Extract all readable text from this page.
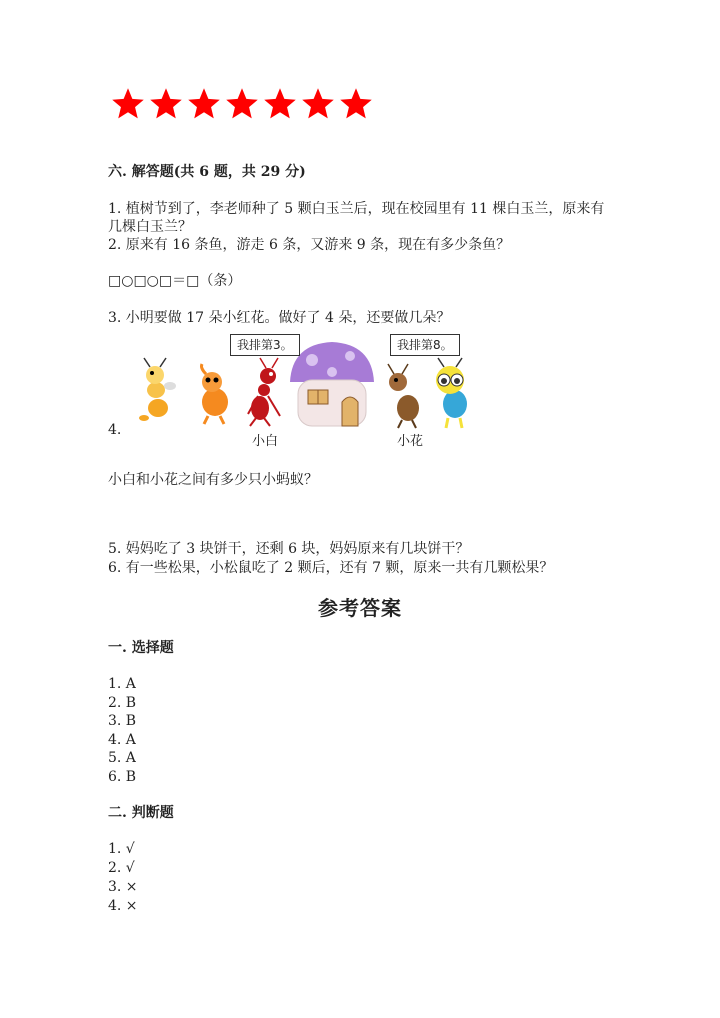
六. 解答题(共 6 题，共 29 分)
1. 植树节到了，李老师种了 5 颗白玉兰后，现在校园里有 11 棵白玉兰，原来有
几棵白玉兰？
2. 原来有 16 条鱼，游走 6 条，又游来 9 条，现在有多少条鱼？
□○□○□＝□（条）
3. 小明要做 17 朵小红花。做好了 4 朵，还要做几朵？
4.
我排第3。	我排第8。
小白	小花
小白和小花之间有多少只小蚂蚁？
5. 妈妈吃了 3 块饼干，还剩 6 块，妈妈原来有几块饼干？
6. 有一些松果，小松鼠吃了 2 颗后，还有 7 颗，原来一共有几颗松果？
参考答案
一. 选择题
1. A
2. B
3. B
4. A
5. A
6. B
二. 判断题
1. √
2. √
3. ×
4. ×
